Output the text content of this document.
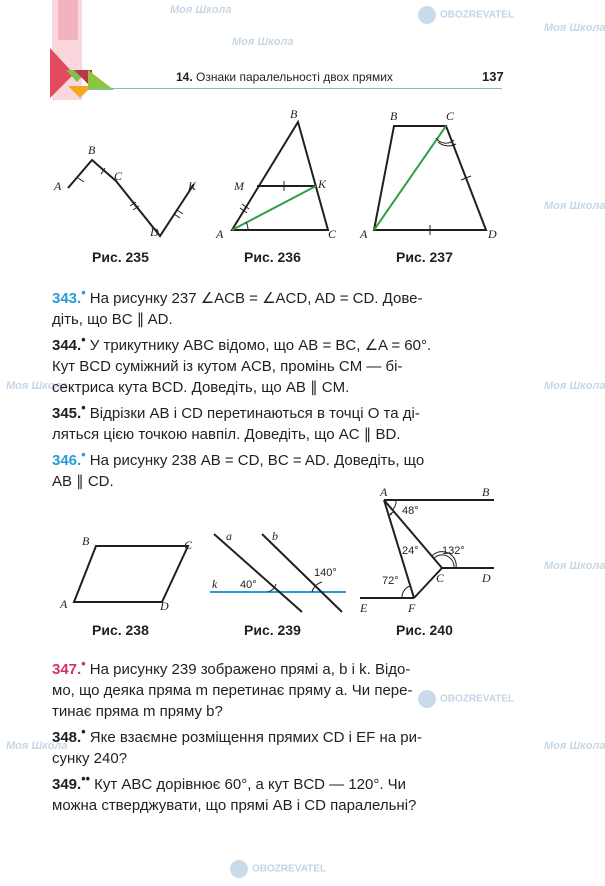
Моя Школа	OBOZREVATEL
Моя Школа
Моя Школа
Моя Школа
Моя Школа
Моя Школа
Моя Школа
Моя Школа
Моя Школа
OBOZREVATEL
OBOZREVATEL
14. Ознаки паралельності двох прямих	137
A
B
C
K
D
B
M	K
A	C
B	C
A	D
Рис. 235	Рис. 236	Рис. 237

343.• На рисунку 237 ∠ACB = ∠ACD, AD = CD. Дове-
діть, що BC ∥ AD.

344.• У трикутнику ABC відомо, що AB = BC, ∠A = 60°.
Кут BCD суміжний із кутом ACB, промінь CM — бі-
сектриса кута BCD. Доведіть, що AB ∥ CM.

345.• Відрізки AB і CD перетинаються в точці O та ді-
ляться цією точкою навпіл. Доведіть, що AC ∥ BD.

346.• На рисунку 238 AB = CD, BC = AD. Доведіть, що
AB ∥ CD.

B	C
A	D
a	b
k 40°
140°
A	B
C	D
E	F
48°
24° 132°
72°
Рис. 238	Рис. 239	Рис. 240

347.• На рисунку 239 зображено прямі a, b і k. Відо-
мо, що деяка пряма m перетинає пряму a. Чи пере-
тинає пряма m пряму b?

348.• Яке взаємне розміщення прямих CD і EF на ри-
сунку 240?

349.•• Кут ABC дорівнює 60°, а кут BCD — 120°. Чи
можна стверджувати, що прямі AB і CD паралельні?
